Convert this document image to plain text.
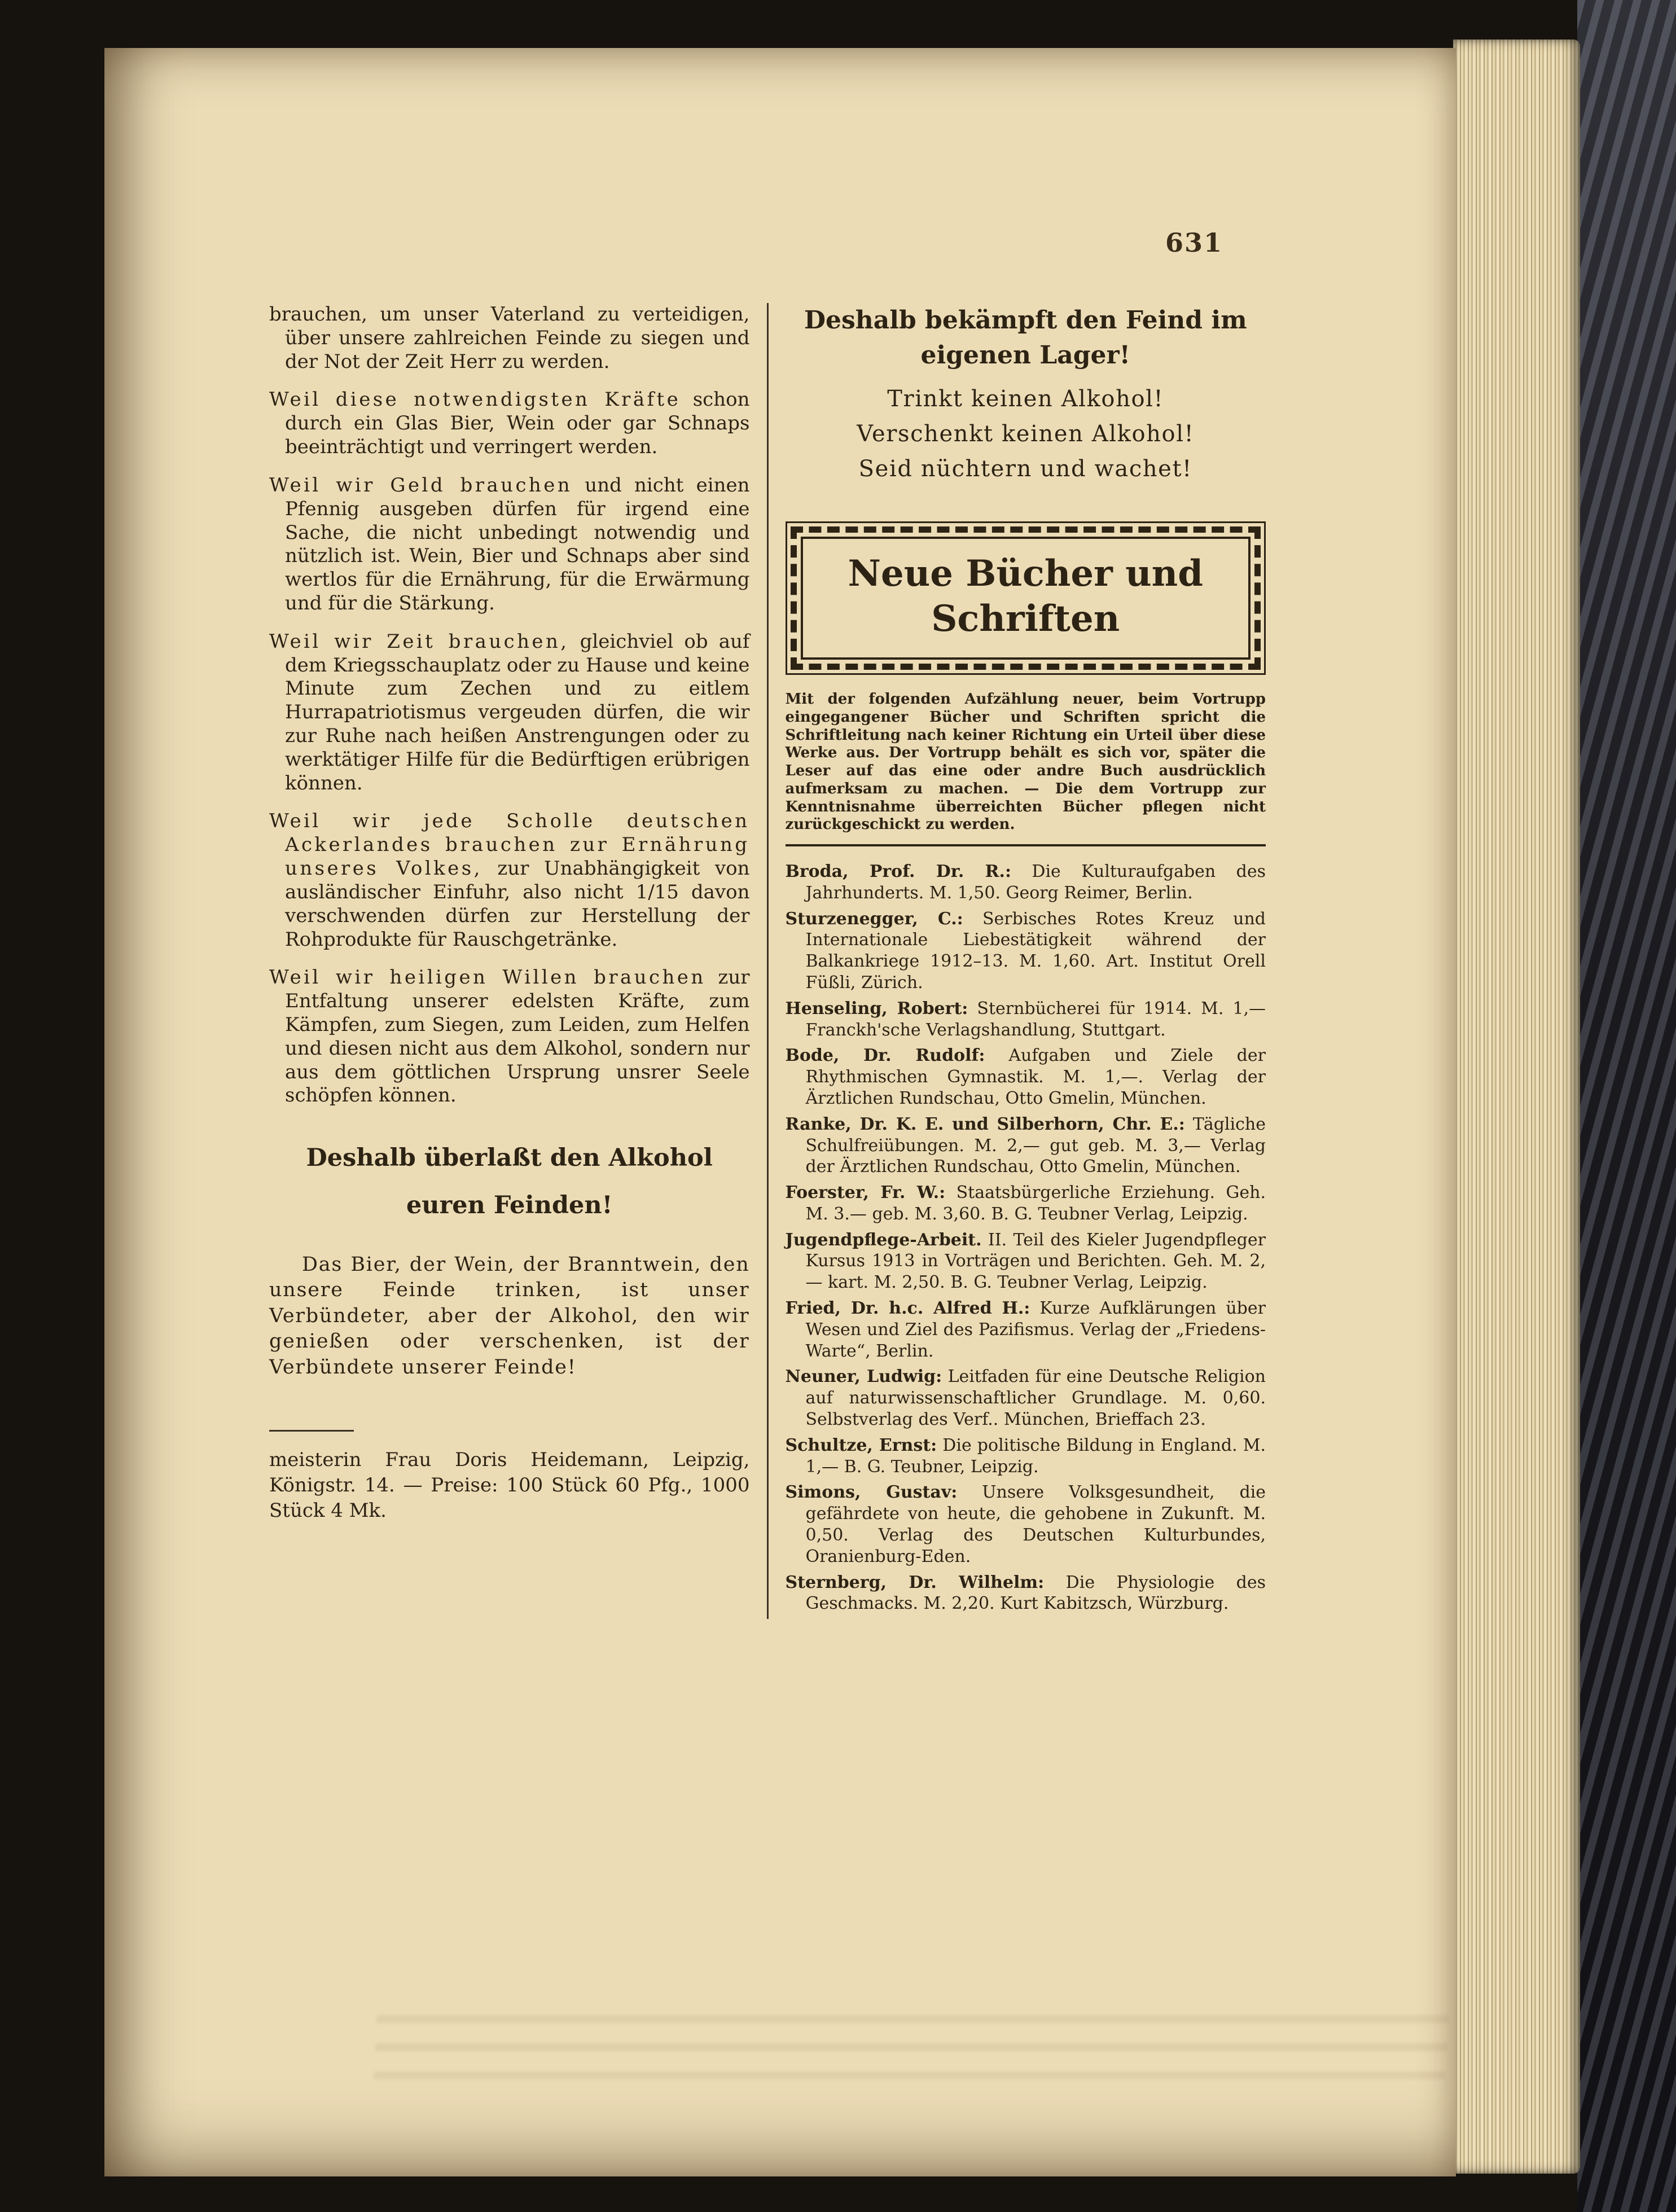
631

brauchen, um unser Vaterland zu verteidigen, über unsere zahlreichen Feinde zu siegen und der Not der Zeit Herr zu werden.

Weil diese notwendigsten Kräfte schon durch ein Glas Bier, Wein oder gar Schnaps beeinträchtigt und verringert werden.

Weil wir Geld brauchen und nicht einen Pfennig ausgeben dürfen für irgend eine Sache, die nicht unbedingt notwendig und nützlich ist. Wein, Bier und Schnaps aber sind wertlos für die Ernährung, für die Erwärmung und für die Stärkung.

Weil wir Zeit brauchen, gleichviel ob auf dem Kriegsschauplatz oder zu Hause und keine Minute zum Zechen und zu eitlem Hurrapatriotismus vergeuden dürfen, die wir zur Ruhe nach heißen Anstrengungen oder zu werktätiger Hilfe für die Bedürftigen erübrigen können.

Weil wir jede Scholle deutschen Ackerlandes brauchen zur Ernährung unseres Volkes, zur Unabhängigkeit von ausländischer Einfuhr, also nicht 1/15 davon verschwenden dürfen zur Herstellung der Rohprodukte für Rauschgetränke.

Weil wir heiligen Willen brauchen zur Entfaltung unserer edelsten Kräfte, zum Kämpfen, zum Siegen, zum Leiden, zum Helfen und diesen nicht aus dem Alkohol, sondern nur aus dem göttlichen Ursprung unsrer Seele schöpfen können.

Deshalb überlaßt den Alkohol euren Feinden!

Das Bier, der Wein, der Branntwein, den unsere Feinde trinken, ist unser Verbündeter, aber der Alkohol, den wir genießen oder verschenken, ist der Verbündete unserer Feinde!

meisterin Frau Doris Heidemann, Leipzig, Königstr. 14. — Preise: 100 Stück 60 Pfg., 1000 Stück 4 Mk.

Deshalb bekämpft den Feind im eigenen Lager!

Trinkt keinen Alkohol!

Verschenkt keinen Alkohol!

Seid nüchtern und wachet!

Neue Bücher und
Schriften

Mit der folgenden Aufzählung neuer, beim Vortrupp eingegangener Bücher und Schriften spricht die Schriftleitung nach keiner Richtung ein Urteil über diese Werke aus. Der Vortrupp behält es sich vor, später die Leser auf das eine oder andre Buch ausdrücklich aufmerksam zu machen. — Die dem Vortrupp zur Kenntnisnahme überreichten Bücher pflegen nicht zurückgeschickt zu werden.

Broda, Prof. Dr. R.: Die Kulturaufgaben des Jahrhunderts. M. 1,50. Georg Reimer, Berlin.

Sturzenegger, C.: Serbisches Rotes Kreuz und Internationale Liebestätigkeit während der Balkankriege 1912–13. M. 1,60. Art. Institut Orell Füßli, Zürich.

Henseling, Robert: Sternbücherei für 1914. M. 1,— Franckh'sche Verlagshandlung, Stuttgart.

Bode, Dr. Rudolf: Aufgaben und Ziele der Rhythmischen Gymnastik. M. 1,—. Verlag der Ärztlichen Rundschau, Otto Gmelin, München.

Ranke, Dr. K. E. und Silberhorn, Chr. E.: Tägliche Schulfreiübungen. M. 2,— gut geb. M. 3,— Verlag der Ärztlichen Rundschau, Otto Gmelin, München.

Foerster, Fr. W.: Staatsbürgerliche Erziehung. Geh. M. 3.— geb. M. 3,60. B. G. Teubner Verlag, Leipzig.

Jugendpflege-Arbeit. II. Teil des Kieler Jugendpfleger Kursus 1913 in Vorträgen und Berichten. Geh. M. 2,— kart. M. 2,50. B. G. Teubner Verlag, Leipzig.

Fried, Dr. h.c. Alfred H.: Kurze Aufklärungen über Wesen und Ziel des Pazifismus. Verlag der „Friedens-Warte“, Berlin.

Neuner, Ludwig: Leitfaden für eine Deutsche Religion auf naturwissenschaftlicher Grundlage. M. 0,60. Selbstverlag des Verf.. München, Brieffach 23.

Schultze, Ernst: Die politische Bildung in England. M. 1,— B. G. Teubner, Leipzig.

Simons, Gustav: Unsere Volksgesundheit, die gefährdete von heute, die gehobene in Zukunft. M. 0,50. Verlag des Deutschen Kulturbundes, Oranienburg-Eden.

Sternberg, Dr. Wilhelm: Die Physiologie des Geschmacks. M. 2,20. Kurt Kabitzsch, Würzburg.
